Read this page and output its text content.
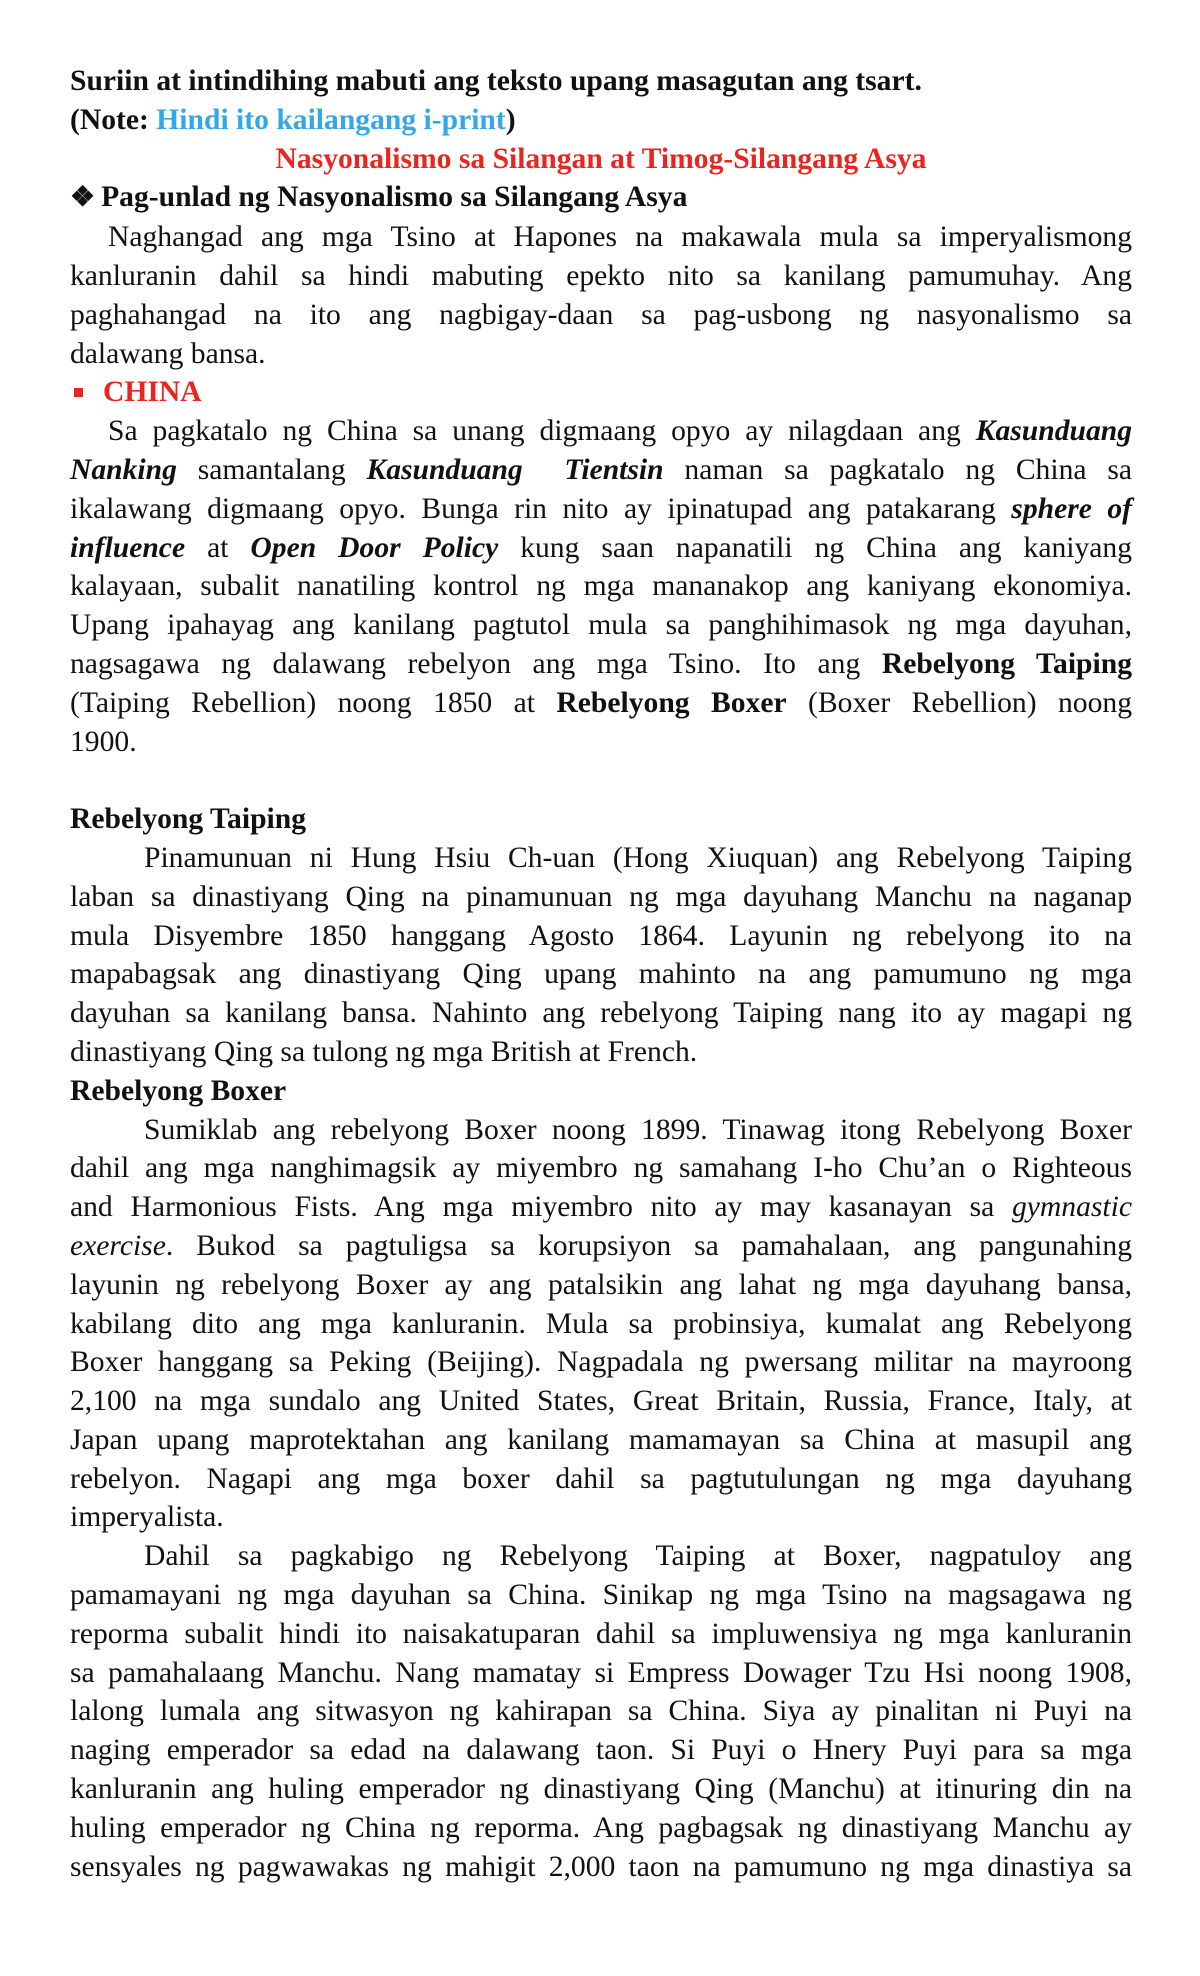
Suriin at intindihing mabuti ang teksto upang masagutan ang tsart.
(Note: Hindi ito kailangang i-print)
Nasyonalismo sa Silangan at Timog-Silangang Asya
❖ Pag-unlad ng Nasyonalismo sa Silangang Asya
Naghangad ang mga Tsino at Hapones na makawala mula sa imperyalismong
kanluranin dahil sa hindi mabuting epekto nito sa kanilang pamumuhay. Ang
paghahangad na ito ang nagbigay-daan sa pag-usbong ng nasyonalismo sa
dalawang bansa.
CHINA
Sa pagkatalo ng China sa unang digmaang opyo ay nilagdaan ang Kasunduang
Nanking samantalang Kasunduang  Tientsin naman sa pagkatalo ng China sa
ikalawang digmaang opyo. Bunga rin nito ay ipinatupad ang patakarang sphere of
influence at Open Door Policy kung saan napanatili ng China ang kaniyang
kalayaan, subalit nanatiling kontrol ng mga mananakop ang kaniyang ekonomiya.
Upang ipahayag ang kanilang pagtutol mula sa panghihimasok ng mga dayuhan,
nagsagawa ng dalawang rebelyon ang mga Tsino. Ito ang Rebelyong Taiping
(Taiping Rebellion) noong 1850 at Rebelyong Boxer (Boxer Rebellion) noong
1900.
Rebelyong Taiping
Pinamunuan ni Hung Hsiu Ch-uan (Hong Xiuquan) ang Rebelyong Taiping
laban sa dinastiyang Qing na pinamunuan ng mga dayuhang Manchu na naganap
mula Disyembre 1850 hanggang Agosto 1864. Layunin ng rebelyong ito na
mapabagsak ang dinastiyang Qing upang mahinto na ang pamumuno ng mga
dayuhan sa kanilang bansa. Nahinto ang rebelyong Taiping nang ito ay magapi ng
dinastiyang Qing sa tulong ng mga British at French.
Rebelyong Boxer
Sumiklab ang rebelyong Boxer noong 1899. Tinawag itong Rebelyong Boxer
dahil ang mga nanghimagsik ay miyembro ng samahang I-ho Chu’an o Righteous
and Harmonious Fists. Ang mga miyembro nito ay may kasanayan sa gymnastic
exercise. Bukod sa pagtuligsa sa korupsiyon sa pamahalaan, ang pangunahing
layunin ng rebelyong Boxer ay ang patalsikin ang lahat ng mga dayuhang bansa,
kabilang dito ang mga kanluranin. Mula sa probinsiya, kumalat ang Rebelyong
Boxer hanggang sa Peking (Beijing). Nagpadala ng pwersang militar na mayroong
2,100 na mga sundalo ang United States, Great Britain, Russia, France, Italy, at
Japan upang maprotektahan ang kanilang mamamayan sa China at masupil ang
rebelyon. Nagapi ang mga boxer dahil sa pagtutulungan ng mga dayuhang
imperyalista.
Dahil sa pagkabigo ng Rebelyong Taiping at Boxer, nagpatuloy ang
pamamayani ng mga dayuhan sa China. Sinikap ng mga Tsino na magsagawa ng
reporma subalit hindi ito naisakatuparan dahil sa impluwensiya ng mga kanluranin
sa pamahalaang Manchu. Nang mamatay si Empress Dowager Tzu Hsi noong 1908,
lalong lumala ang sitwasyon ng kahirapan sa China. Siya ay pinalitan ni Puyi na
naging emperador sa edad na dalawang taon. Si Puyi o Hnery Puyi para sa mga
kanluranin ang huling emperador ng dinastiyang Qing (Manchu) at itinuring din na
huling emperador ng China ng reporma. Ang pagbagsak ng dinastiyang Manchu ay
sensyales ng pagwawakas ng mahigit 2,000 taon na pamumuno ng mga dinastiya sa
